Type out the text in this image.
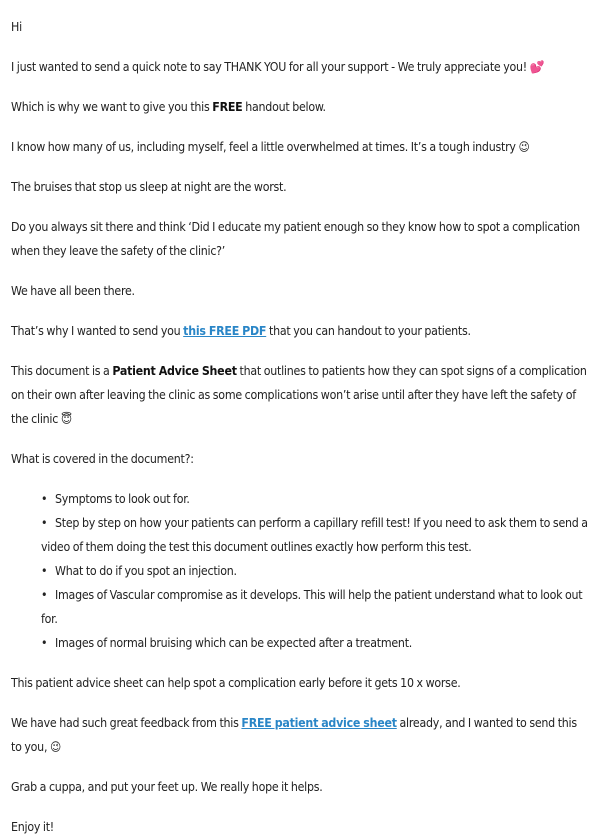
Hi

I just wanted to send a quick note to say THANK YOU for all your support - We truly appreciate you! 💕

Which is why we want to give you this FREE handout below.

I know how many of us, including myself, feel a little overwhelmed at times. It’s a tough industry 😉

The bruises that stop us sleep at night are the worst.

Do you always sit there and think ‘Did I educate my patient enough so they know how to spot a complication when they leave the safety of the clinic?’

We have all been there.

That’s why I wanted to send you this FREE PDF that you can handout to your patients.

This document is a Patient Advice Sheet that outlines to patients how they can spot signs of a complication on their own after leaving the clinic as some complications won’t arise until after they have left the safety of the clinic 😇

What is covered in the document?:

• Symptoms to look out for.
• Step by step on how your patients can perform a capillary refill test! If you need to ask them to send a video of them doing the test this document outlines exactly how perform this test.
• What to do if you spot an injection.
• Images of Vascular compromise as it develops. This will help the patient understand what to look out for.
• Images of normal bruising which can be expected after a treatment.

This patient advice sheet can help spot a complication early before it gets 10 x worse.

We have had such great feedback from this FREE patient advice sheet already, and I wanted to send this to you, 😉

Grab a cuppa, and put your feet up. We really hope it helps.

Enjoy it!
